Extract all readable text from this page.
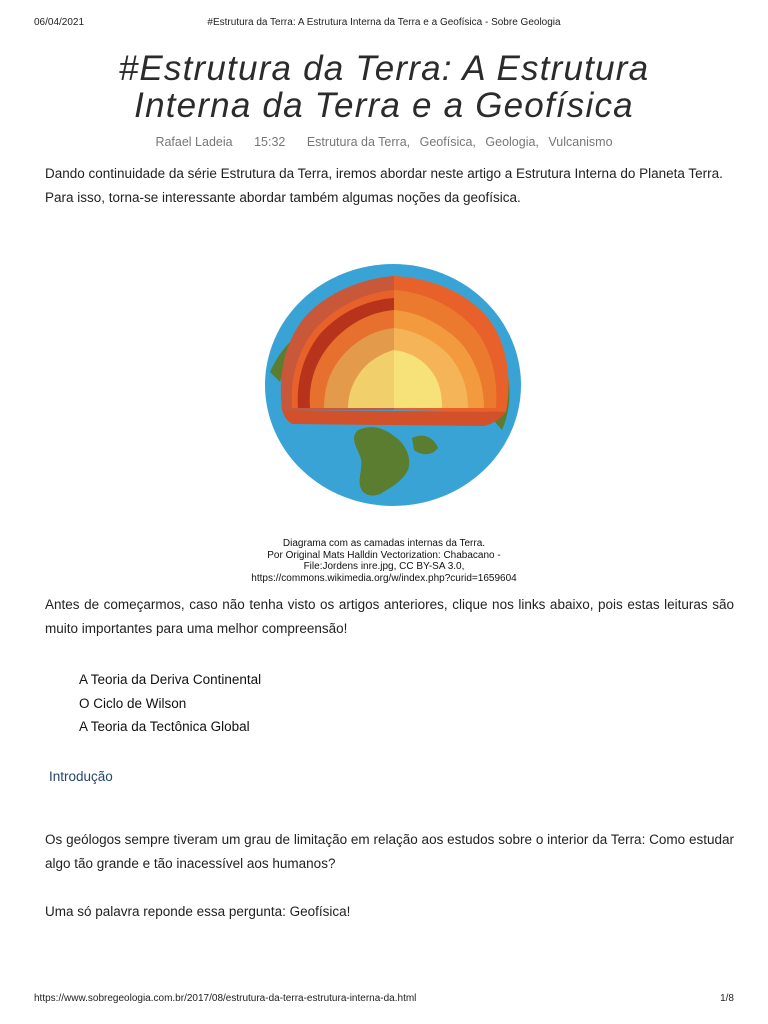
06/04/2021	#Estrutura da Terra: A Estrutura Interna da Terra e a Geofísica - Sobre Geologia
#Estrutura da Terra: A Estrutura
Interna da Terra e a Geofísica
Rafael Ladeia 15:32 Estrutura da Terra, Geofísica, Geologia, Vulcanismo

Dando continuidade da série Estrutura da Terra, iremos abordar neste artigo a Estrutura Interna do Planeta Terra.
Para isso, torna-se interessante abordar também algumas noções da geofísica.

Diagrama com as camadas internas da Terra.
Por Original Mats Halldin Vectorization: Chabacano -
File:Jordens inre.jpg, CC BY-SA 3.0,
https://commons.wikimedia.org/w/index.php?curid=1659604

Antes de começarmos, caso não tenha visto os artigos anteriores, clique nos links abaixo, pois estas leituras são muito importantes para uma melhor compreensão!

A Teoria da Deriva Continental
O Ciclo de Wilson
A Teoria da Tectônica Global
Introdução

Os geólogos sempre tiveram um grau de limitação em relação aos estudos sobre o interior da Terra: Como estudar algo tão grande e tão inacessível aos humanos?

Uma só palavra reponde essa pergunta: Geofísica!

https://www.sobregeologia.com.br/2017/08/estrutura-da-terra-estrutura-interna-da.html	1/8
